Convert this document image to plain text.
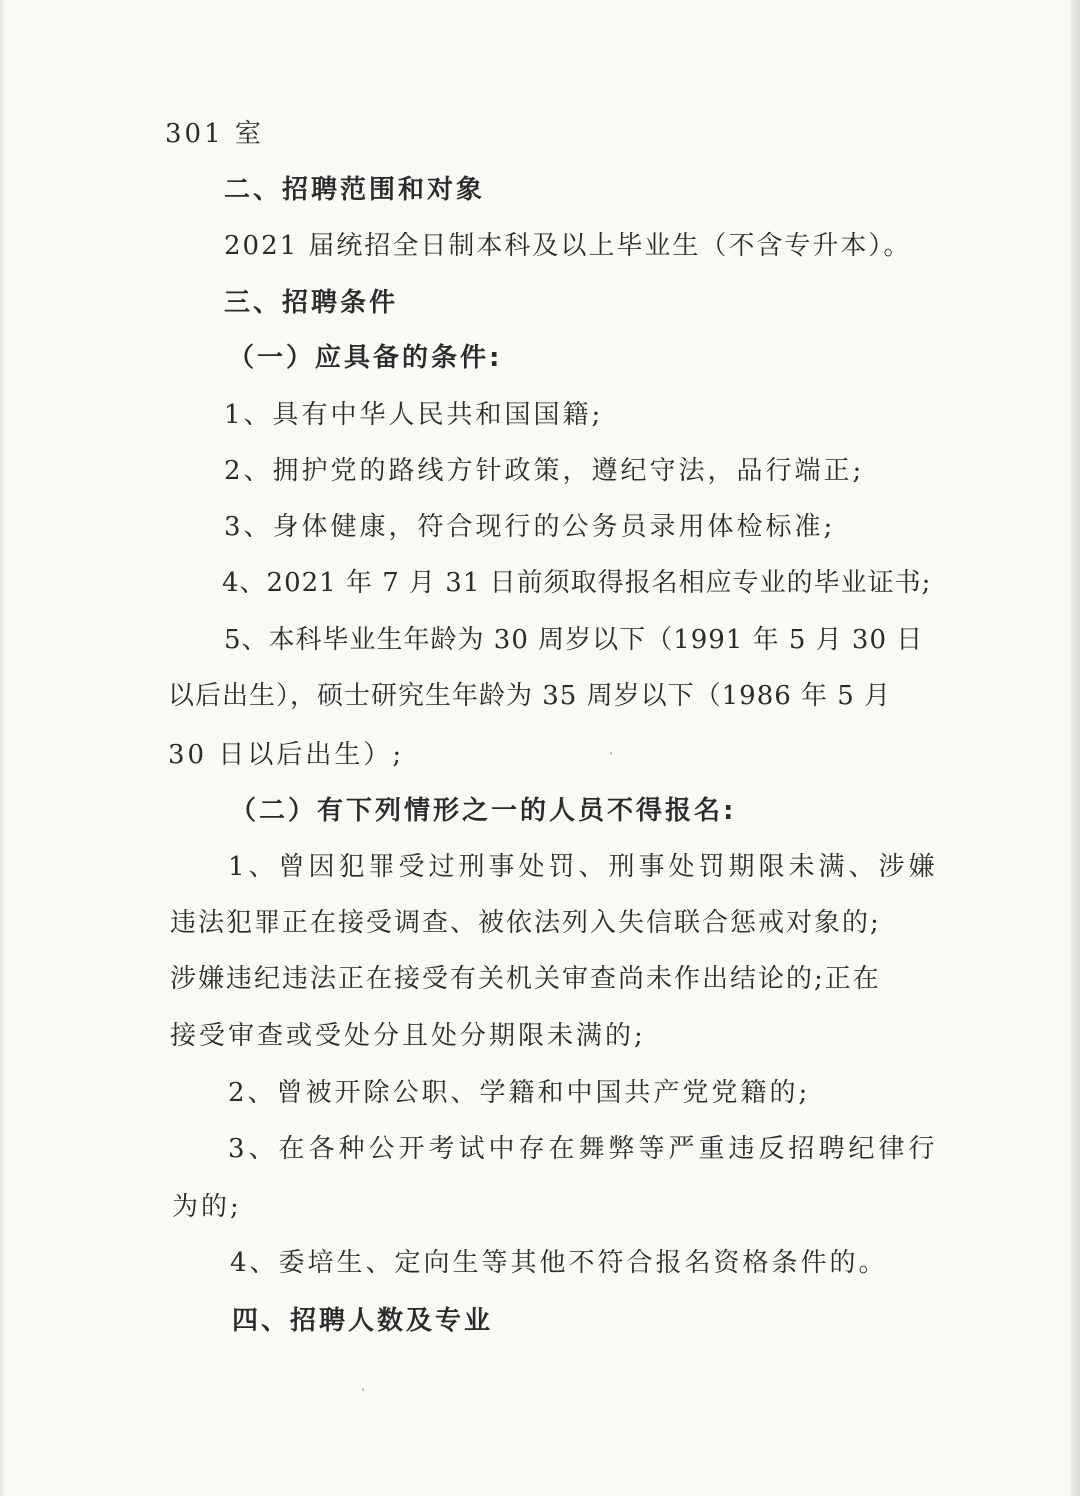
301 室
二、招聘范围和对象
2021 届统招全日制本科及以上毕业生（不含专升本）。
三、招聘条件
（一）应具备的条件:
1、具有中华人民共和国国籍;
2、拥护党的路线方针政策，遵纪守法，品行端正;
3、身体健康，符合现行的公务员录用体检标准;
4、2021 年 7 月 31 日前须取得报名相应专业的毕业证书;
5、本科毕业生年龄为 30 周岁以下（1991 年 5 月 30 日
以后出生），硕士研究生年龄为 35 周岁以下（1986 年 5 月
30 日以后出生）;
（二）有下列情形之一的人员不得报名:
1、曾因犯罪受过刑事处罚、刑事处罚期限未满、涉嫌
违法犯罪正在接受调查、被依法列入失信联合惩戒对象的;
涉嫌违纪违法正在接受有关机关审查尚未作出结论的;正在
接受审查或受处分且处分期限未满的;
2、曾被开除公职、学籍和中国共产党党籍的;
3、在各种公开考试中存在舞弊等严重违反招聘纪律行
为的;
4、委培生、定向生等其他不符合报名资格条件的。
四、招聘人数及专业
